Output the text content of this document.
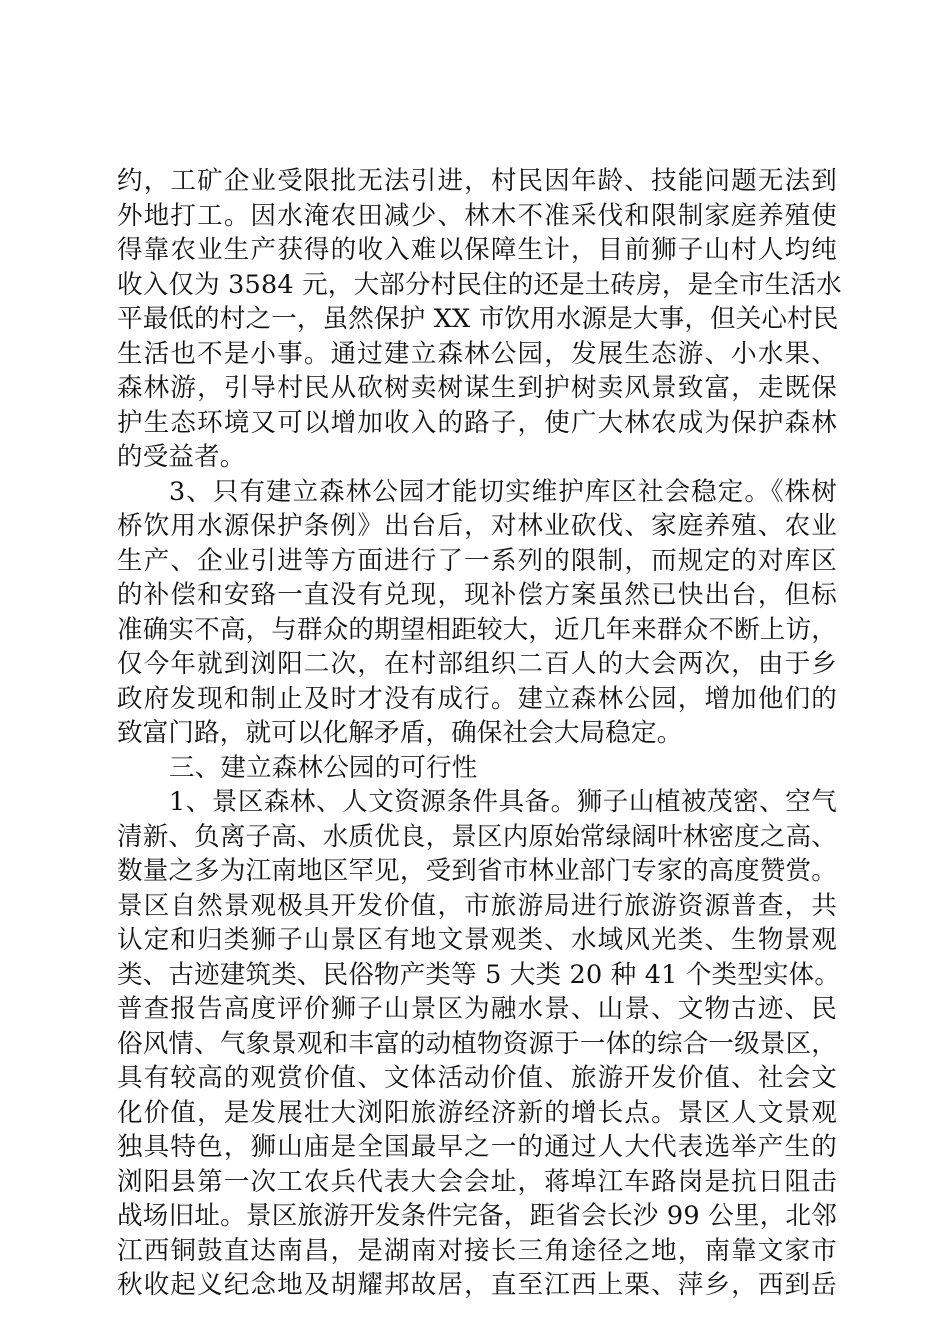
约，工矿企业受限批无法引进，村民因年龄、技能问题无法到
外地打工。因水淹农田减少、林木不准采伐和限制家庭养殖使
得靠农业生产获得的收入难以保障生计，目前狮子山村人均纯
收入仅为 3584 元，大部分村民住的还是土砖房，是全市生活水
平最低的村之一，虽然保护 XX 市饮用水源是大事，但关心村民
生活也不是小事。通过建立森林公园，发展生态游、小水果、
森林游，引导村民从砍树卖树谋生到护树卖风景致富，走既保
护生态环境又可以增加收入的路子，使广大林农成为保护森林
的受益者。
3、只有建立森林公园才能切实维护库区社会稳定。《株树
桥饮用水源保护条例》出台后，对林业砍伐、家庭养殖、农业
生产、企业引进等方面进行了一系列的限制，而规定的对库区
的补偿和安臵一直没有兑现，现补偿方案虽然已快出台，但标
准确实不高，与群众的期望相距较大，近几年来群众不断上访，
仅今年就到浏阳二次，在村部组织二百人的大会两次，由于乡
政府发现和制止及时才没有成行。建立森林公园，增加他们的
致富门路，就可以化解矛盾，确保社会大局稳定。
三、建立森林公园的可行性
1、景区森林、人文资源条件具备。狮子山植被茂密、空气
清新、负离子高、水质优良，景区内原始常绿阔叶林密度之高、
数量之多为江南地区罕见，受到省市林业部门专家的高度赞赏。
景区自然景观极具开发价值，市旅游局进行旅游资源普查，共
认定和归类狮子山景区有地文景观类、水域风光类、生物景观
类、古迹建筑类、民俗物产类等 5 大类 20 种 41 个类型实体。
普查报告高度评价狮子山景区为融水景、山景、文物古迹、民
俗风情、气象景观和丰富的动植物资源于一体的综合一级景区，
具有较高的观赏价值、文体活动价值、旅游开发价值、社会文
化价值，是发展壮大浏阳旅游经济新的增长点。景区人文景观
独具特色，狮山庙是全国最早之一的通过人大代表选举产生的
浏阳县第一次工农兵代表大会会址，蒋埠江车路岗是抗日阻击
战场旧址。景区旅游开发条件完备，距省会长沙 99 公里，北邻
江西铜鼓直达南昌，是湖南对接长三角途径之地，南靠文家市
秋收起义纪念地及胡耀邦故居，直至江西上栗、萍乡，西到岳
